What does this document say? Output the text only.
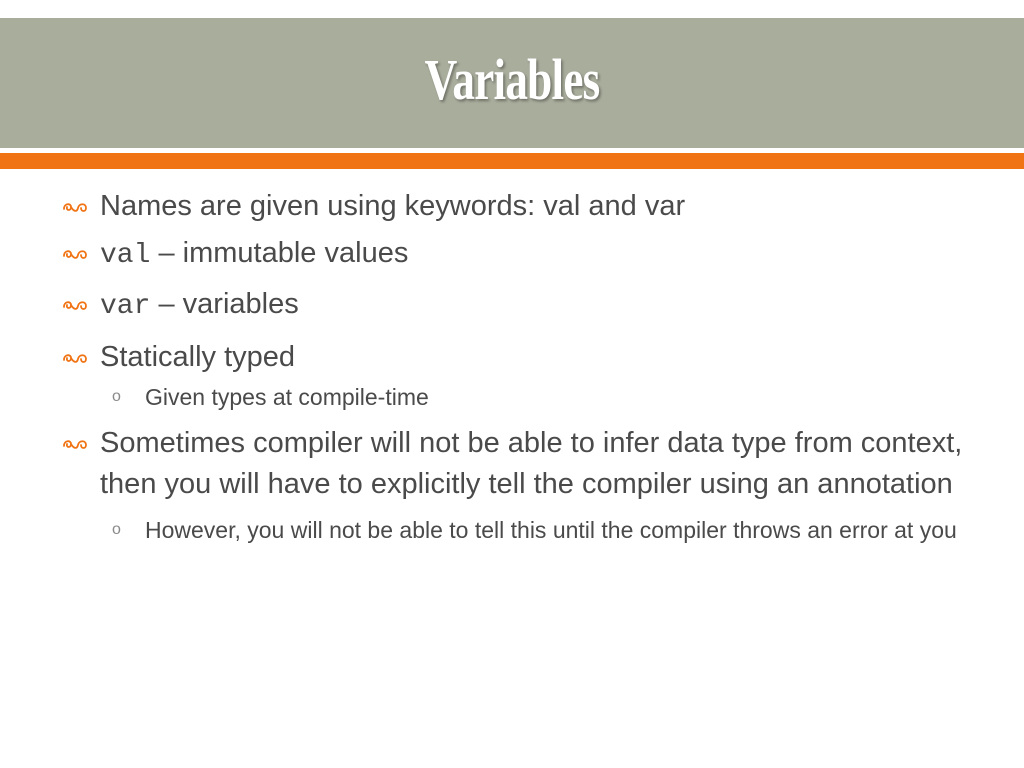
Variables
Names are given using keywords: val and var
val – immutable values
var – variables
Statically typed
o Given types at compile-time
Sometimes compiler will not be able to infer data type from context, then you will have to explicitly tell the compiler using an annotation
o However, you will not be able to tell this until the compiler throws an error at you
